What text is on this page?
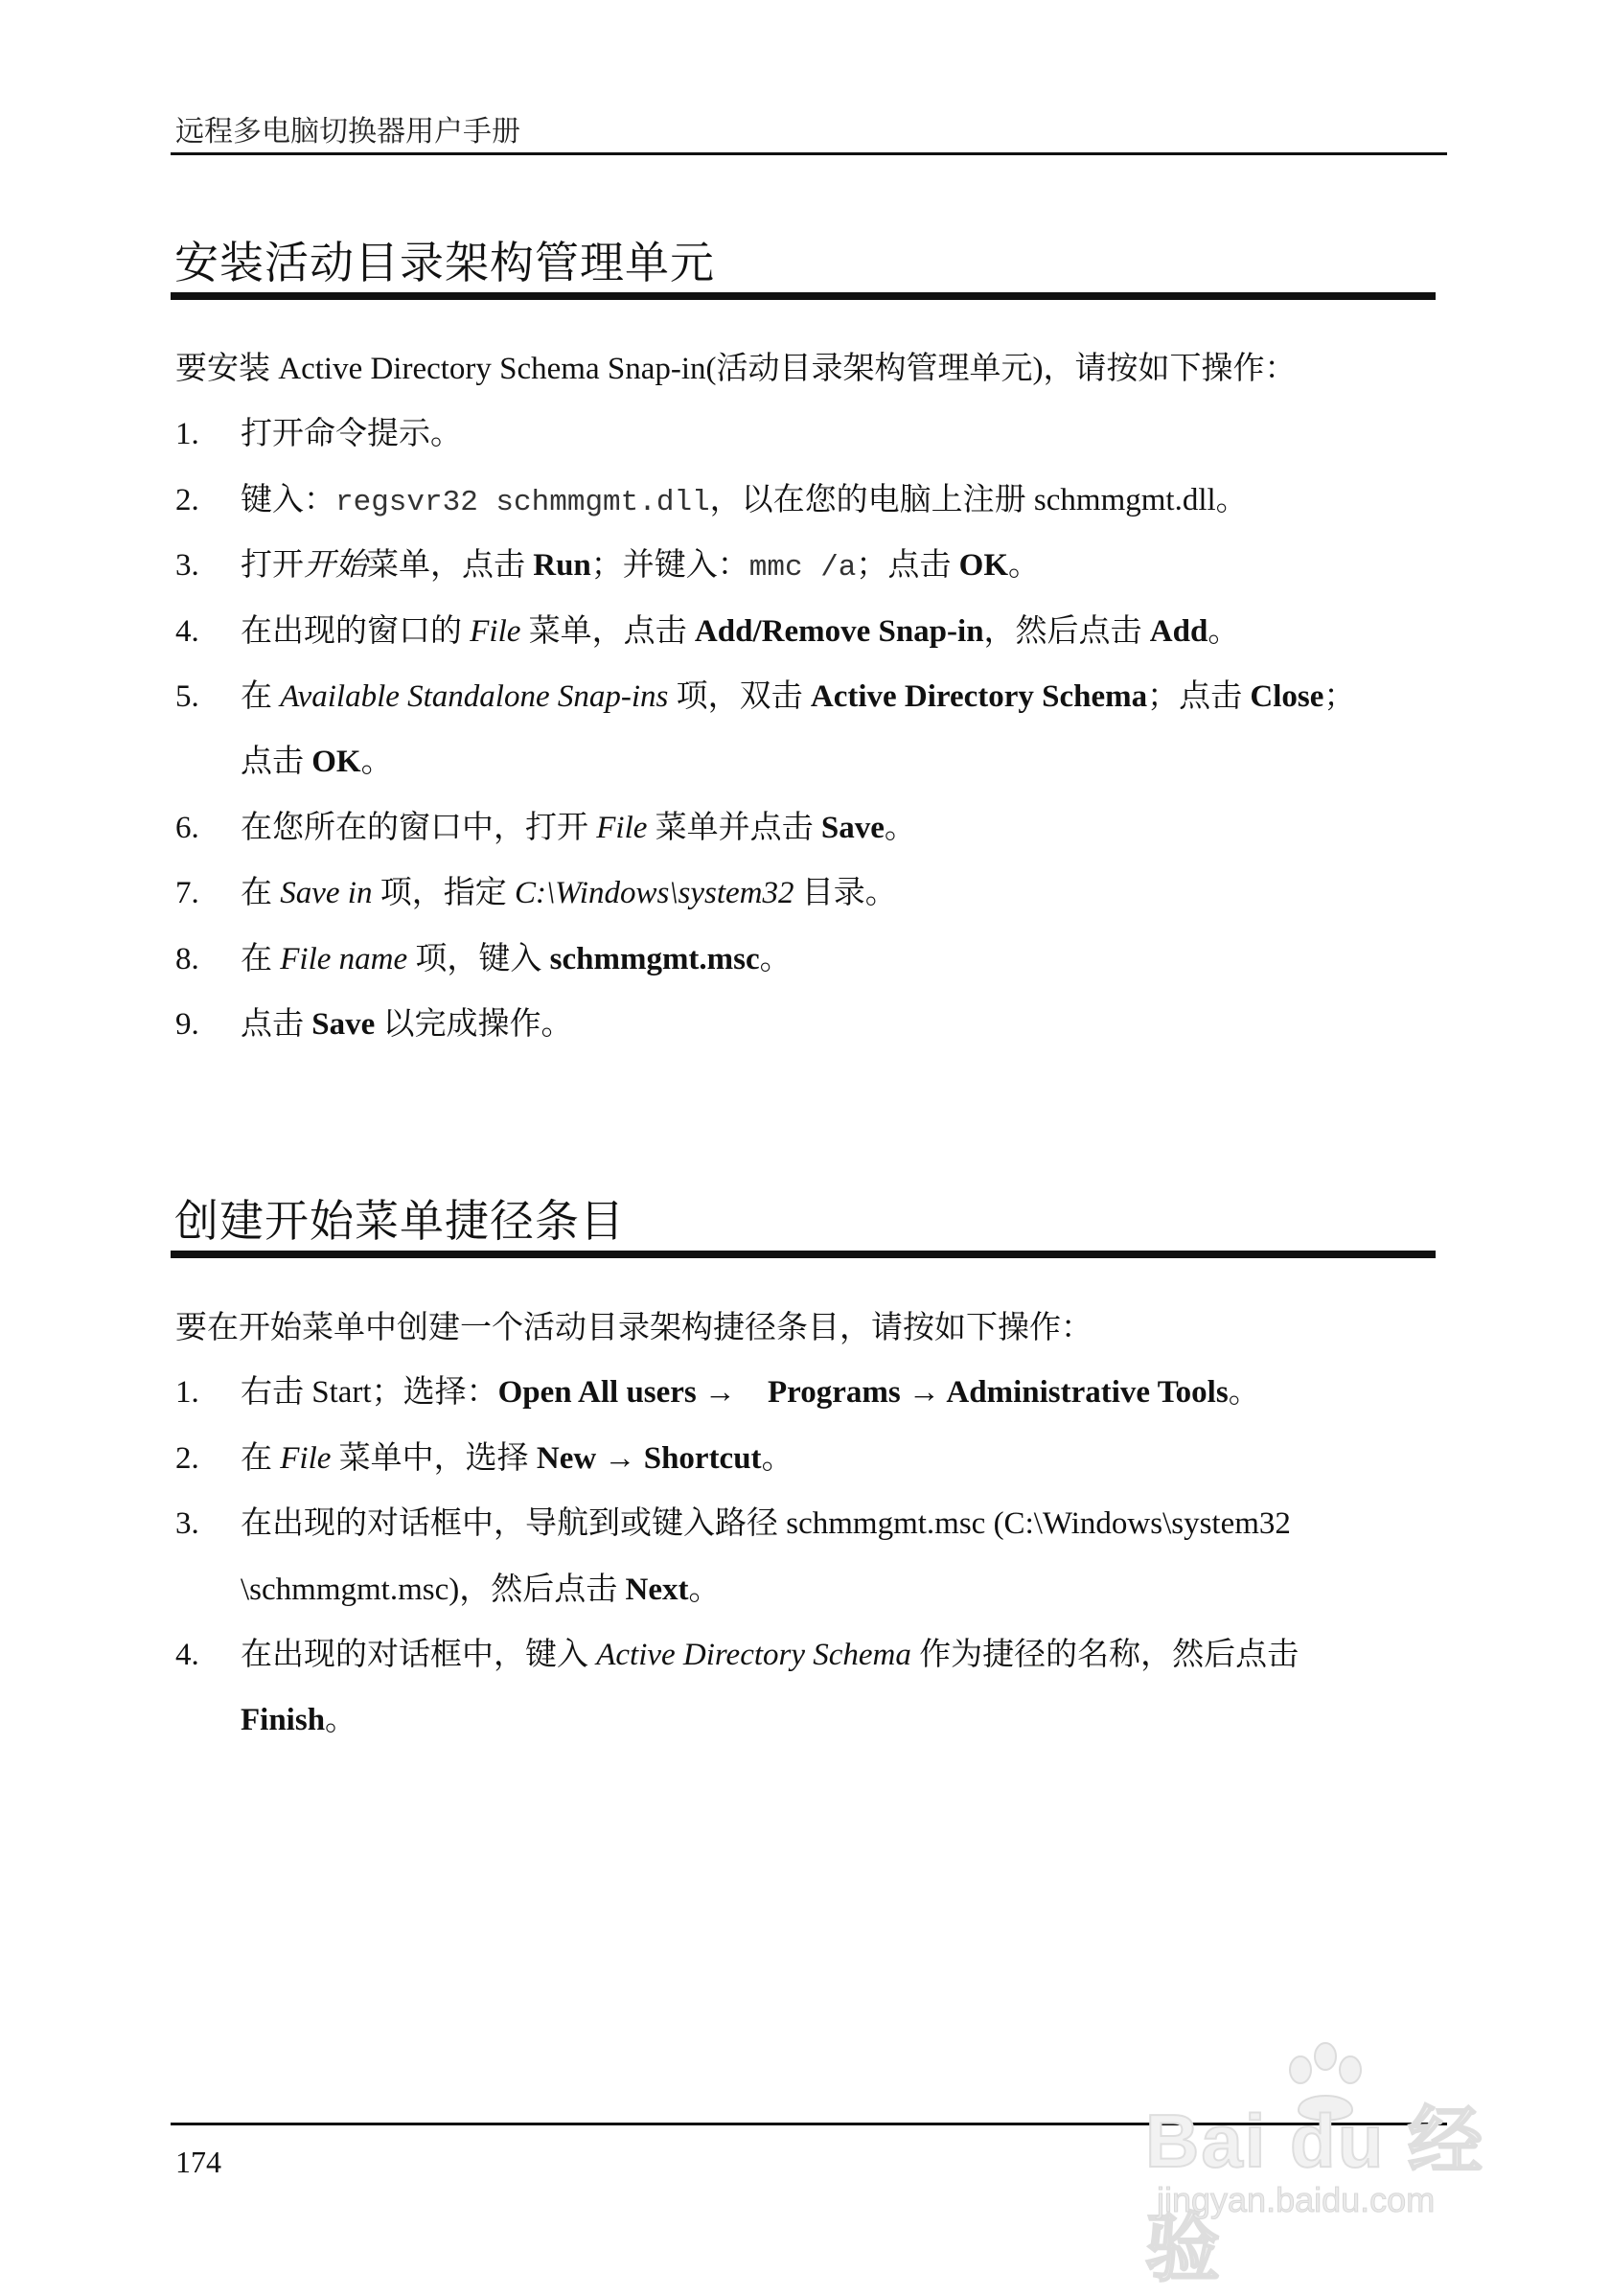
远程多电脑切换器用户手册
安装活动目录架构管理单元
要安装 Active Directory Schema Snap-in(活动目录架构管理单元)，请按如下操作：
1. 打开命令提示。
2. 键入：regsvr32 schmmgmt.dll，以在您的电脑上注册 schmmgmt.dll。
3. 打开开始菜单，点击 Run；并键入：mmc /a；点击 OK。
4. 在出现的窗口的 File 菜单，点击 Add/Remove Snap-in，然后点击 Add。
5. 在 Available Standalone Snap-ins 项，双击 Active Directory Schema；点击 Close；
点击 OK。
6. 在您所在的窗口中，打开 File 菜单并点击 Save。
7. 在 Save in 项，指定 C:\Windows\system32 目录。
8. 在 File name 项，键入 schmmgmt.msc。
9. 点击 Save 以完成操作。
创建开始菜单捷径条目
要在开始菜单中创建一个活动目录架构捷径条目，请按如下操作：
1. 右击 Start；选择：Open All users →    Programs → Administrative Tools。
2. 在 File 菜单中，选择 New → Shortcut。
3. 在出现的对话框中，导航到或键入路径 schmmgmt.msc (C:\Windows\system32
\schmmgmt.msc)，然后点击 Next。
4. 在出现的对话框中，键入 Active Directory Schema 作为捷径的名称，然后点击
Finish。
174	Bai du 经验
jingyan.baidu.com
